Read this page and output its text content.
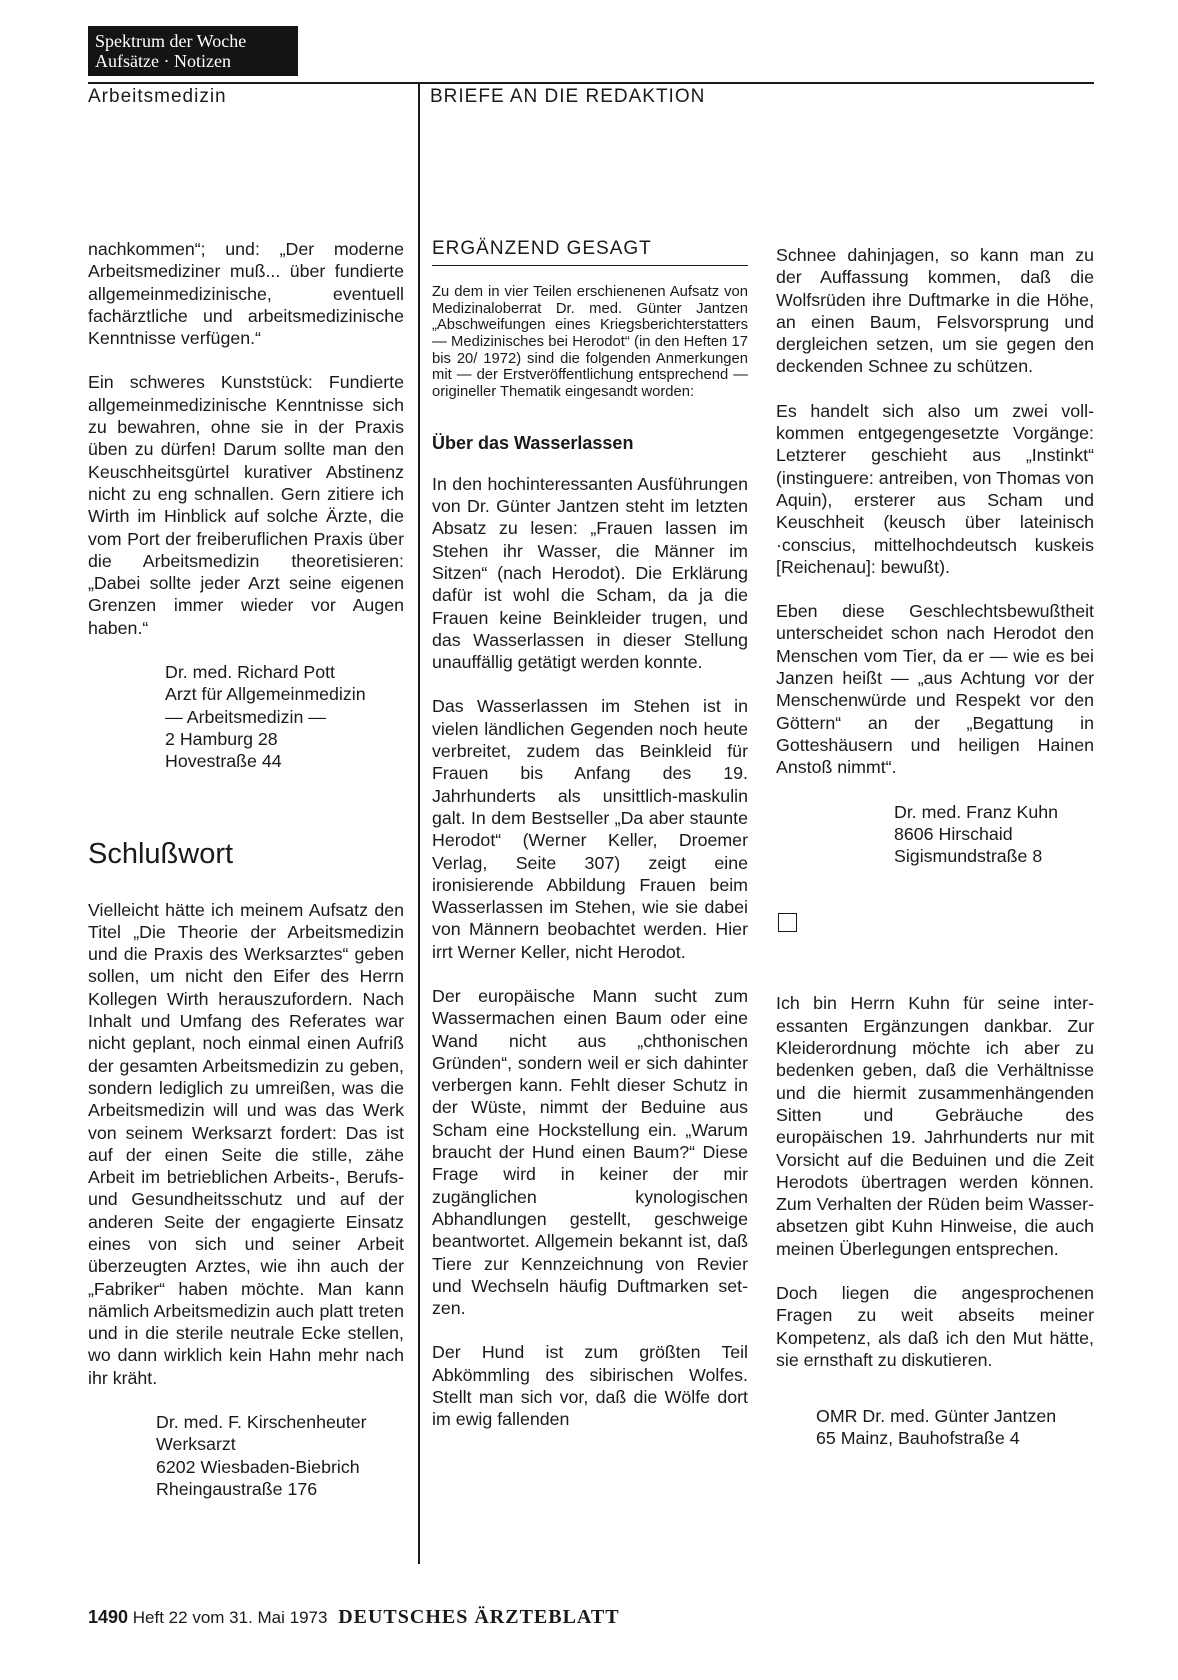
Spektrum der Woche
Aufsätze · Notizen
Arbeitsmedizin	BRIEFE AN DIE REDAKTION

nachkommen“; und: „Der moderne Arbeitsmediziner muß... über fundierte allgemeinmedizinische, eventuell fachärztliche und arbeitsmedizinische Kenntnisse verfügen.“

Ein schweres Kunststück: Fundierte allgemeinmedizinische Kenntnisse sich zu bewahren, ohne sie in der Praxis üben zu dürfen! Darum sollte man den Keuschheitsgürtel kurativer Abstinenz nicht zu eng schnallen. Gern zitiere ich Wirth im Hinblick auf solche Ärzte, die vom Port der freiberuflichen Praxis über die Arbeitsmedizin theoretisieren: „Dabei sollte jeder Arzt seine eigenen Grenzen immer wieder vor Augen haben.“

Dr. med. Richard Pott
Arzt für Allgemeinmedizin
— Arbeitsmedizin —
2 Hamburg 28
Hovestraße 44
Schlußwort

Vielleicht hätte ich meinem Aufsatz den Titel „Die Theorie der Arbeitsmedizin und die Praxis des Werksarztes“ geben sollen, um nicht den Eifer des Herrn Kollegen Wirth herauszufordern. Nach Inhalt und Umfang des Referates war nicht geplant, noch einmal einen Aufriß der gesamten Arbeitsmedizin zu geben, sondern lediglich zu umreißen, was die Arbeitsmedizin will und was das Werk von seinem Werksarzt fordert: Das ist auf der einen Seite die stille, zähe Arbeit im betrieblichen Arbeits-, Berufs- und Gesundheitsschutz und auf der anderen Seite der engagierte Einsatz eines von sich und seiner Arbeit überzeugten Arztes, wie ihn auch der „Fabriker“ haben möchte. Man kann nämlich Arbeitsmedizin auch platt treten und in die sterile neutrale Ecke stellen, wo dann wirklich kein Hahn mehr nach ihr kräht.

Dr. med. F. Kirschenheuter
Werksarzt
6202 Wiesbaden-Biebrich
Rheingaustraße 176
ERGÄNZEND GESAGT
Zu dem in vier Teilen erschienenen Aufsatz von Medizinaloberrat Dr. med. Günter Jantzen „Abschweifungen eines Kriegsberichterstatters — Medizinisches bei Herodot“ (in den Heften 17 bis 20/ 1972) sind die folgenden Anmerkungen mit — der Erstveröffentlichung entsprechend — origineller Thematik eingesandt worden:
Über das Wasserlassen

In den hochinteressanten Ausführungen von Dr. Günter Jantzen steht im letzten Absatz zu lesen: „Frauen lassen im Stehen ihr Wasser, die Männer im Sitzen“ (nach Herodot). Die Erklärung dafür ist wohl die Scham, da ja die Frauen keine Beinkleider trugen, und das Wasserlassen in dieser Stellung unauffällig getätigt werden konnte.

Das Wasserlassen im Stehen ist in vielen ländlichen Gegenden noch heute verbreitet, zudem das Beinkleid für Frauen bis Anfang des 19. Jahrhunderts als unsittlich-maskulin galt. In dem Bestseller „Da aber staunte Herodot“ (Werner Keller, Droemer Verlag, Seite 307) zeigt eine ironisierende Abbildung Frauen beim Wasserlassen im Stehen, wie sie dabei von Männern beobachtet werden. Hier irrt Werner Keller, nicht Herodot.

Der europäische Mann sucht zum Wassermachen einen Baum oder eine Wand nicht aus „chthonischen Gründen“, sondern weil er sich dahinter verbergen kann. Fehlt dieser Schutz in der Wüste, nimmt der Beduine aus Scham eine Hockstellung ein. „Warum braucht der Hund einen Baum?“ Diese Frage wird in keiner der mir zugänglichen kynologischen Abhandlungen gestellt, geschweige beantwortet. Allgemein bekannt ist, daß Tiere zur Kennzeichnung von Revier und Wechseln häufig Duftmarken setzen.

Der Hund ist zum größten Teil Abkömmling des sibirischen Wolfes. Stellt man sich vor, daß die Wölfe dort im ewig fallenden

Schnee dahinjagen, so kann man zu der Auffassung kommen, daß die Wolfsrüden ihre Duftmarke in die Höhe, an einen Baum, Felsvorsprung und dergleichen setzen, um sie gegen den deckenden Schnee zu schützen.

Es handelt sich also um zwei vollkommen entgegengesetzte Vorgänge: Letzterer geschieht aus „Instinkt“ (instinguere: antreiben, von Thomas von Aquin), ersterer aus Scham und Keuschheit (keusch über lateinisch ·conscius, mittelhochdeutsch kuskeis [Reichenau]: bewußt).

Eben diese Geschlechtsbewußtheit unterscheidet schon nach Herodot den Menschen vom Tier, da er — wie es bei Janzen heißt — „aus Achtung vor der Menschenwürde und Respekt vor den Göttern“ an der „Begattung in Gotteshäusern und heiligen Hainen Anstoß nimmt“.

Dr. med. Franz Kuhn
8606 Hirschaid
Sigismundstraße 8

Ich bin Herrn Kuhn für seine interessanten Ergänzungen dankbar. Zur Kleiderordnung möchte ich aber zu bedenken geben, daß die Verhältnisse und die hiermit zusammenhängenden Sitten und Gebräuche des europäischen 19. Jahrhunderts nur mit Vorsicht auf die Beduinen und die Zeit Herodots übertragen werden können. Zum Verhalten der Rüden beim Wasserabsetzen gibt Kuhn Hinweise, die auch meinen Überlegungen entsprechen.

Doch liegen die angesprochenen Fragen zu weit abseits meiner Kompetenz, als daß ich den Mut hätte, sie ernsthaft zu diskutieren.

OMR Dr. med. Günter Jantzen
65 Mainz, Bauhofstraße 4
1490 Heft 22 vom 31. Mai 1973 DEUTSCHES ÄRZTEBLATT
